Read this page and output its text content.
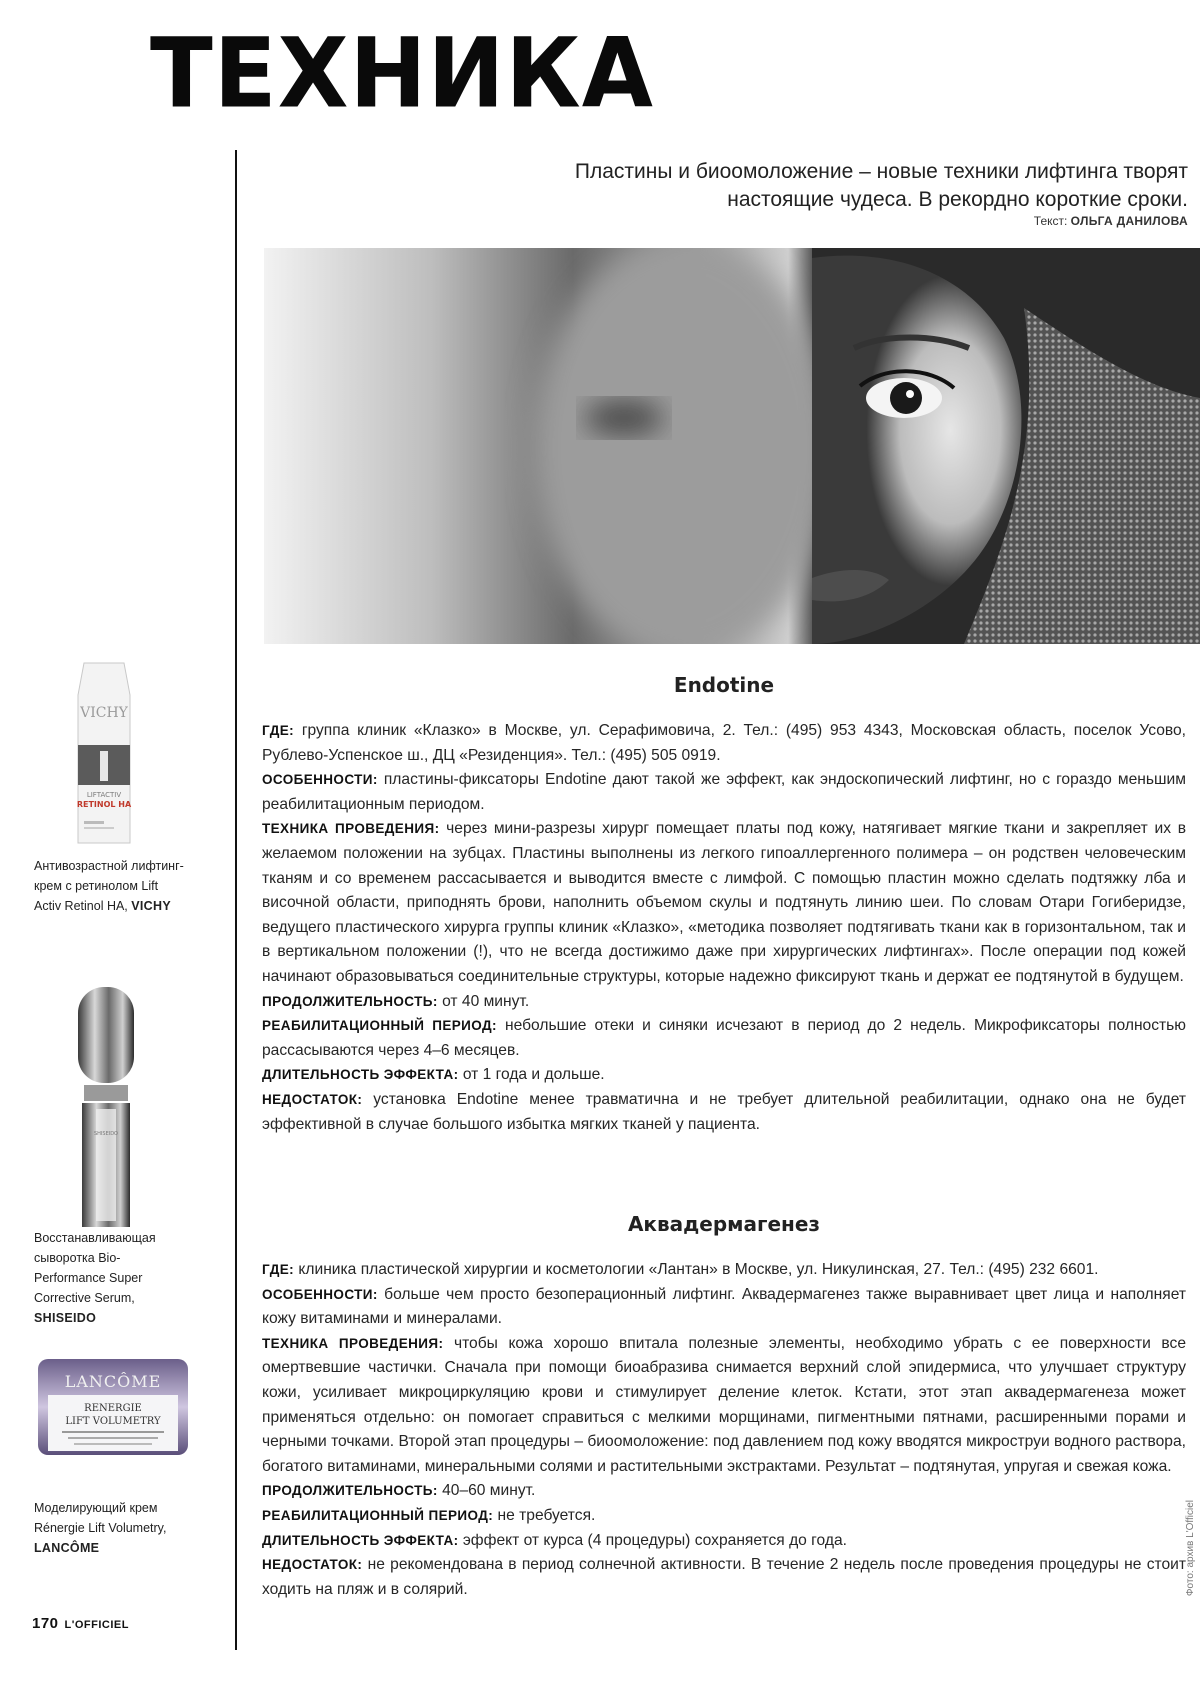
ТЕХНИКА
Пластины и биоомоложение – новые техники лифтинга творят настоящие чудеса. В рекордно короткие сроки.
Текст: ОЛЬГА ДАНИЛОВА
Endotine

ГДЕ: группа клиник «Клазко» в Москве, ул. Серафимовича, 2. Тел.: (495) 953 4343, Московская область, поселок Усово, Рублево-Успенское ш., ДЦ «Резиденция». Тел.: (495) 505 0919.

ОСОБЕННОСТИ: пластины-фиксаторы Endotine дают такой же эффект, как эндоскопический лифтинг, но с гораздо меньшим реабилитационным периодом.

ТЕХНИКА ПРОВЕДЕНИЯ: через мини-разрезы хирург помещает платы под кожу, натягивает мягкие ткани и закрепляет их в желаемом положении на зубцах. Пластины выполнены из легкого гипоаллергенного полимера – он родствен человеческим тканям и со временем рассасывается и выводится вместе с лимфой. С помощью пластин можно сделать подтяжку лба и височной области, приподнять брови, наполнить объемом скулы и подтянуть линию шеи. По словам Отари Гогиберидзе, ведущего пластического хирурга группы клиник «Клазко», «методика позволяет подтягивать ткани как в горизонтальном, так и в вертикальном положении (!), что не всегда достижимо даже при хирургических лифтингах». После операции под кожей начинают образовываться соединительные структуры, которые надежно фиксируют ткань и держат ее подтянутой в будущем.

ПРОДОЛЖИТЕЛЬНОСТЬ: от 40 минут.

РЕАБИЛИТАЦИОННЫЙ ПЕРИОД: небольшие отеки и синяки исчезают в период до 2 недель. Микрофиксаторы полностью рассасываются через 4–6 месяцев.

ДЛИТЕЛЬНОСТЬ ЭФФЕКТА: от 1 года и дольше.

НЕДОСТАТОК: установка Endotine менее травматична и не требует длительной реабилитации, однако она не будет эффективной в случае большого избытка мягких тканей у пациента.

Аквадермагенез

ГДЕ: клиника пластической хирургии и косметологии «Лантан» в Москве, ул. Никулинская, 27. Тел.: (495) 232 6601.

ОСОБЕННОСТИ: больше чем просто безоперационный лифтинг. Аквадермагенез также выравнивает цвет лица и наполняет кожу витаминами и минералами.

ТЕХНИКА ПРОВЕДЕНИЯ: чтобы кожа хорошо впитала полезные элементы, необходимо убрать с ее поверхности все омертвевшие частички. Сначала при помощи биоабразива снимается верхний слой эпидермиса, что улучшает структуру кожи, усиливает микроциркуляцию крови и стимулирует деление клеток. Кстати, этот этап аквадермагенеза может применяться отдельно: он помогает справиться с мелкими морщинами, пигментными пятнами, расширенными порами и черными точками. Второй этап процедуры – биоомоложение: под давлением под кожу вводятся микроструи водного раствора, богатого витаминами, минеральными солями и растительными экстрактами. Результат – подтянутая, упругая и свежая кожа.

ПРОДОЛЖИТЕЛЬНОСТЬ: 40–60 минут.

РЕАБИЛИТАЦИОННЫЙ ПЕРИОД: не требуется.

ДЛИТЕЛЬНОСТЬ ЭФФЕКТА: эффект от курса (4 процедуры) сохраняется до года.

НЕДОСТАТОК: не рекомендована в период солнечной активности. В течение 2 недель после проведения процедуры не стоит ходить на пляж и в солярий.

VICHY
LIFTACTIV
RETINOL HA
Антивозрастной лифтинг-крем с ретинолом Lift Activ Retinol HA, VICHY
SHISEIDO
Восстанавливающая сыворотка Bio-Performance Super Corrective Serum, SHISEIDO
LANCÔME
RENERGIE
LIFT VOLUMETRY
Моделирующий крем Rénergie Lift Volumetry, LANCÔME
170 L'OFFICIEL
Фото: архив L'Officiel
